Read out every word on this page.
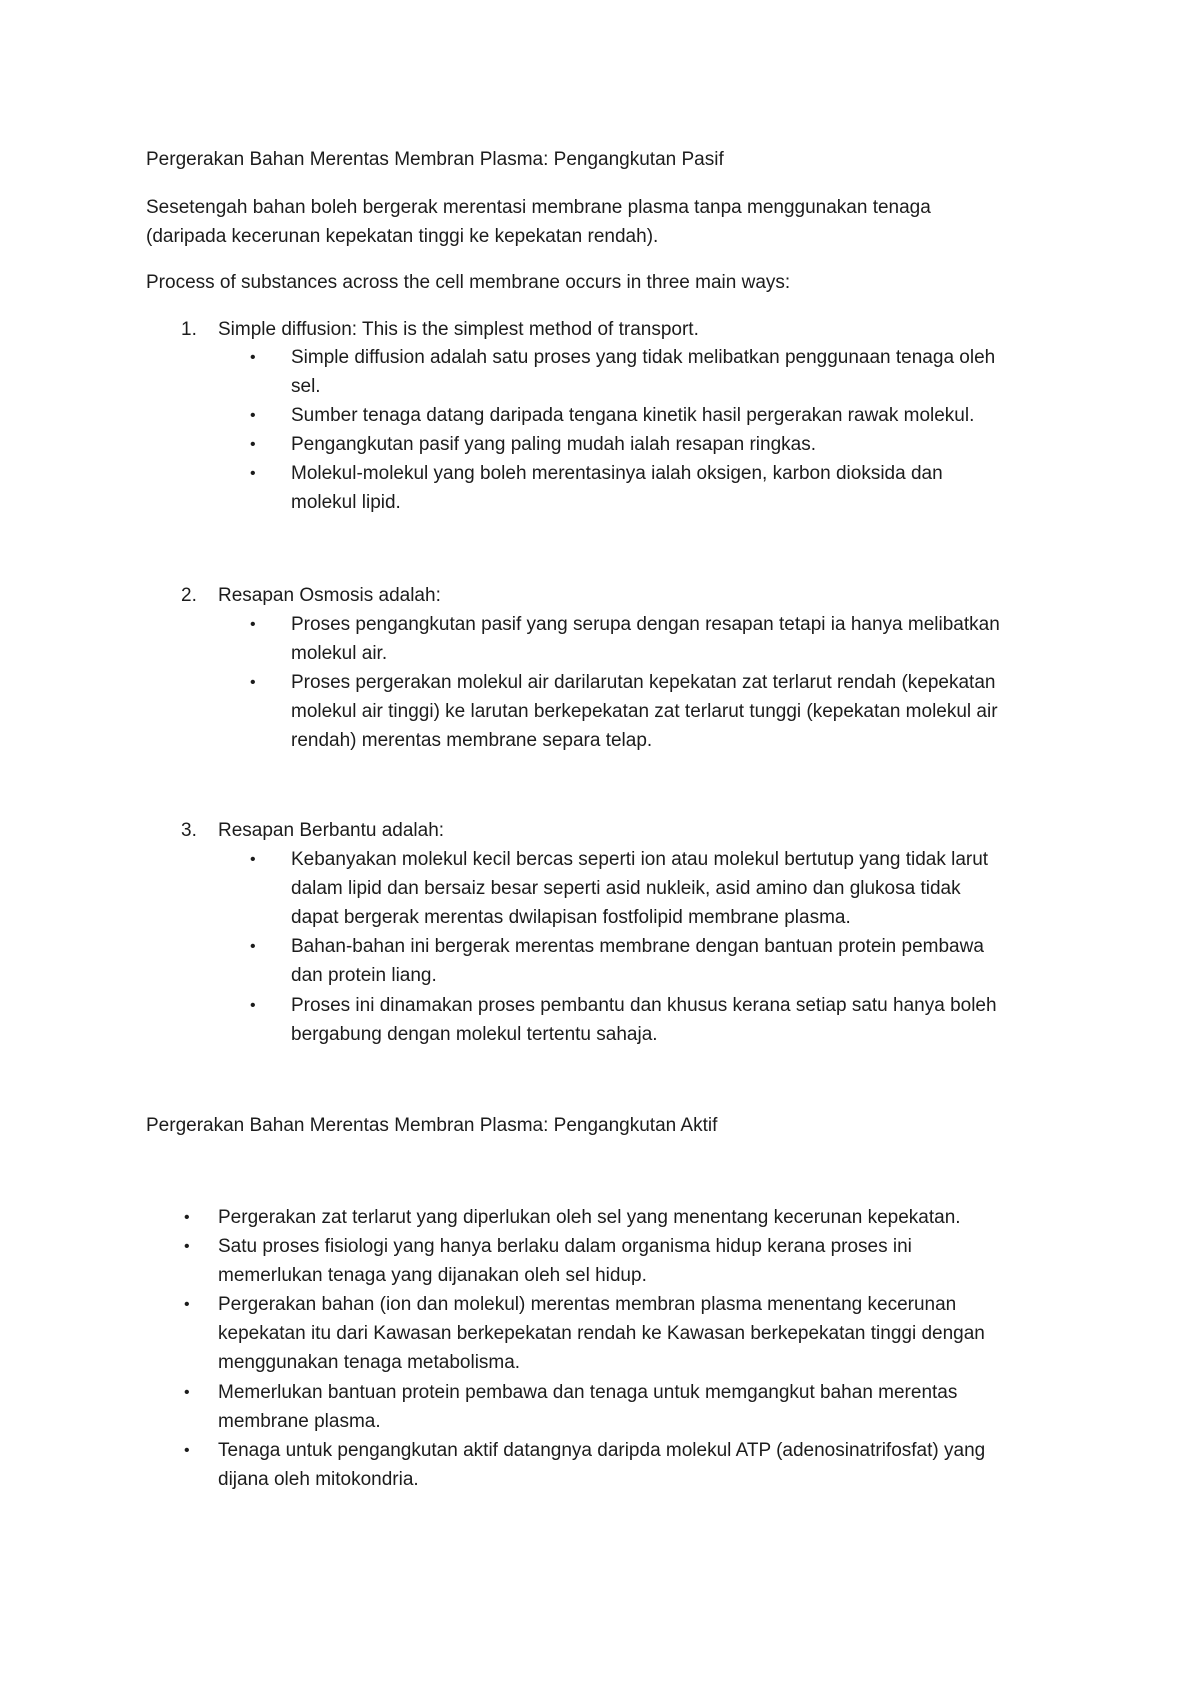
Pergerakan Bahan Merentas Membran Plasma: Pengangkutan Pasif
Sesetengah bahan boleh bergerak merentasi membrane plasma tanpa menggunakan tenaga
(daripada kecerunan kepekatan tinggi ke kepekatan rendah).
Process of substances across the cell membrane occurs in three main ways:
1. Simple diffusion: This is the simplest method of transport.
• Simple diffusion adalah satu proses yang tidak melibatkan penggunaan tenaga oleh
sel.
• Sumber tenaga datang daripada tengana kinetik hasil pergerakan rawak molekul.
• Pengangkutan pasif yang paling mudah ialah resapan ringkas.
• Molekul-molekul yang boleh merentasinya ialah oksigen, karbon dioksida dan
molekul lipid.
2. Resapan Osmosis adalah:
• Proses pengangkutan pasif yang serupa dengan resapan tetapi ia hanya melibatkan
molekul air.
• Proses pergerakan molekul air darilarutan kepekatan zat terlarut rendah (kepekatan
molekul air tinggi) ke larutan berkepekatan zat terlarut tunggi (kepekatan molekul air
rendah) merentas membrane separa telap.
3. Resapan Berbantu adalah:
• Kebanyakan molekul kecil bercas seperti ion atau molekul bertutup yang tidak larut
dalam lipid dan bersaiz besar seperti asid nukleik, asid amino dan glukosa tidak
dapat bergerak merentas dwilapisan fostfolipid membrane plasma.
• Bahan-bahan ini bergerak merentas membrane dengan bantuan protein pembawa
dan protein liang.
• Proses ini dinamakan proses pembantu dan khusus kerana setiap satu hanya boleh
bergabung dengan molekul tertentu sahaja.
Pergerakan Bahan Merentas Membran Plasma: Pengangkutan Aktif
• Pergerakan zat terlarut yang diperlukan oleh sel yang menentang kecerunan kepekatan.
• Satu proses fisiologi yang hanya berlaku dalam organisma hidup kerana proses ini
memerlukan tenaga yang dijanakan oleh sel hidup.
• Pergerakan bahan (ion dan molekul) merentas membran plasma menentang kecerunan
kepekatan itu dari Kawasan berkepekatan rendah ke Kawasan berkepekatan tinggi dengan
menggunakan tenaga metabolisma.
• Memerlukan bantuan protein pembawa dan tenaga untuk memgangkut bahan merentas
membrane plasma.
• Tenaga untuk pengangkutan aktif datangnya daripda molekul ATP (adenosinatrifosfat) yang
dijana oleh mitokondria.
